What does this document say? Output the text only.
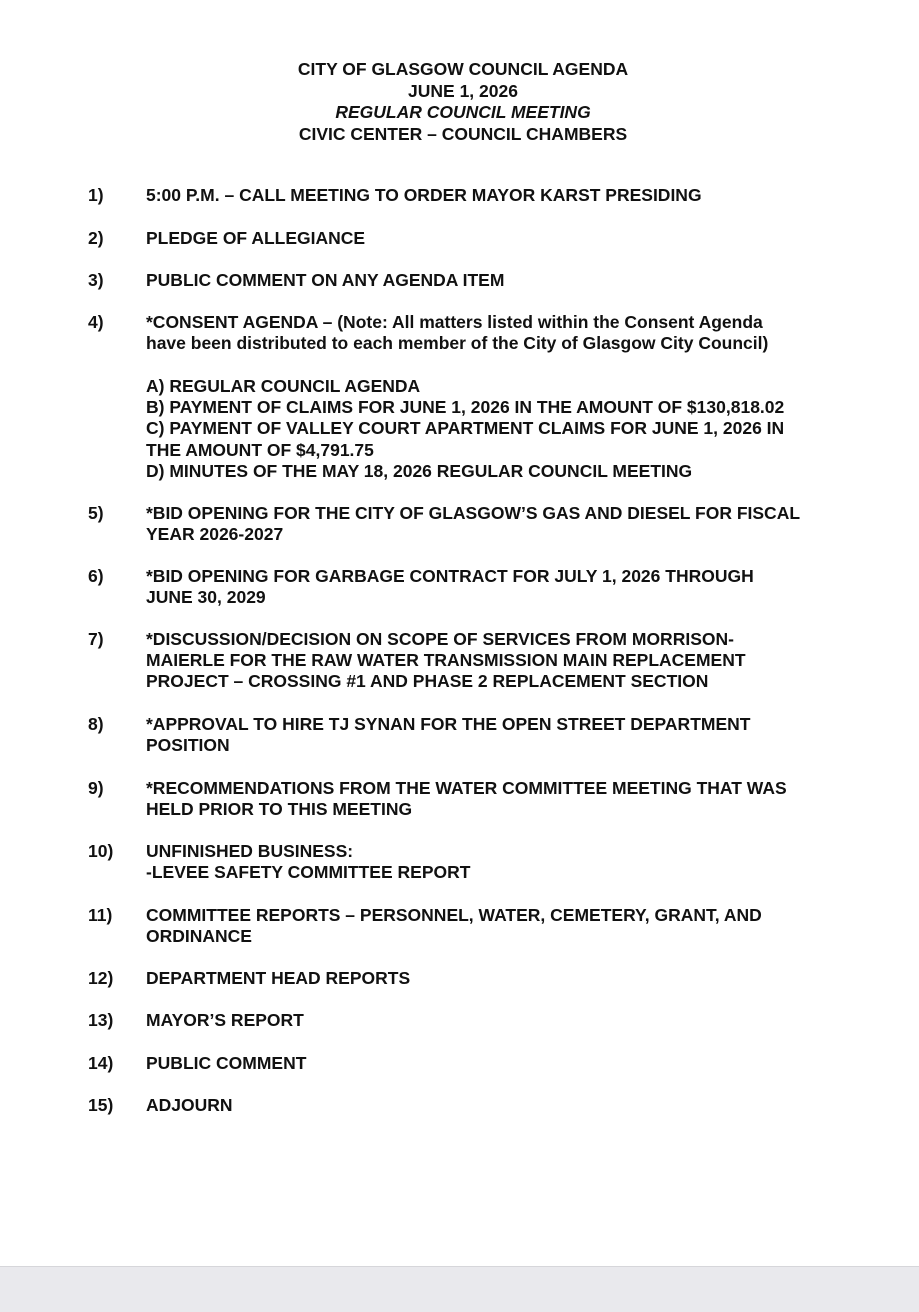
CITY OF GLASGOW COUNCIL AGENDA
JUNE 1, 2026
REGULAR COUNCIL MEETING
CIVIC CENTER – COUNCIL CHAMBERS
1) 5:00 P.M. – CALL MEETING TO ORDER MAYOR KARST PRESIDING
2) PLEDGE OF ALLEGIANCE
3) PUBLIC COMMENT ON ANY AGENDA ITEM
4) *CONSENT AGENDA – (Note: All matters listed within the Consent Agenda
have been distributed to each member of the City of Glasgow City Council)
A) REGULAR COUNCIL AGENDA
B) PAYMENT OF CLAIMS FOR JUNE 1, 2026 IN THE AMOUNT OF $130,818.02
C) PAYMENT OF VALLEY COURT APARTMENT CLAIMS FOR JUNE 1, 2026 IN
THE AMOUNT OF $4,791.75
D) MINUTES OF THE MAY 18, 2026 REGULAR COUNCIL MEETING
5) *BID OPENING FOR THE CITY OF GLASGOW’S GAS AND DIESEL FOR FISCAL
YEAR 2026-2027
6) *BID OPENING FOR GARBAGE CONTRACT FOR JULY 1, 2026 THROUGH
JUNE 30, 2029
7) *DISCUSSION/DECISION ON SCOPE OF SERVICES FROM MORRISON-
MAIERLE FOR THE RAW WATER TRANSMISSION MAIN REPLACEMENT
PROJECT – CROSSING #1 AND PHASE 2 REPLACEMENT SECTION
8) *APPROVAL TO HIRE TJ SYNAN FOR THE OPEN STREET DEPARTMENT
POSITION
9) *RECOMMENDATIONS FROM THE WATER COMMITTEE MEETING THAT WAS
HELD PRIOR TO THIS MEETING
10) UNFINISHED BUSINESS:
-LEVEE SAFETY COMMITTEE REPORT
11) COMMITTEE REPORTS – PERSONNEL, WATER, CEMETERY, GRANT, AND
ORDINANCE
12) DEPARTMENT HEAD REPORTS
13) MAYOR’S REPORT
14) PUBLIC COMMENT
15) ADJOURN
